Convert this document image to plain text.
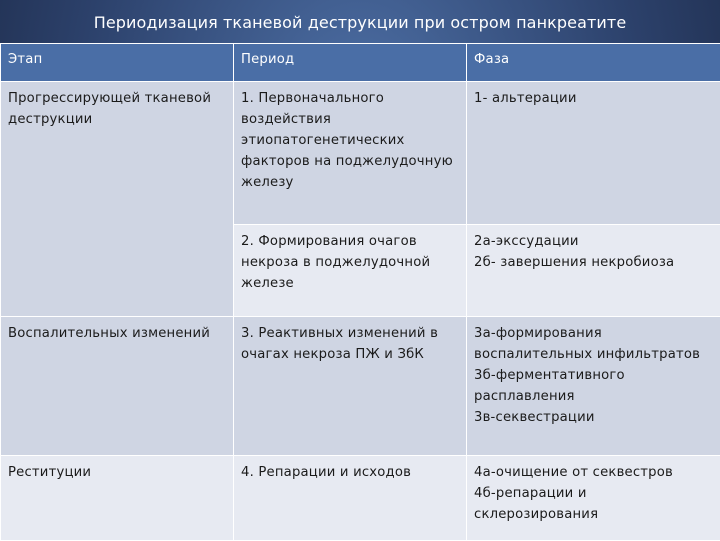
Периодизация тканевой деструкции при остром панкреатите
Этап	Период	Фаза
Прогрессирующей тканевой деструкции	1. Первоначального воздействия этиопатогенетических факторов на поджелудочную железу	1- альтерации

	2. Формирования очагов некроза в поджелудочной железе	2а-экссудации
2б- завершения некробиоза

Воспалительных изменений	3. Реактивных изменений в очагах некроза ПЖ и ЗбК	3а-формирования воспалительных инфильтратов
3б-ферментативного расплавления
3в-секвестрации

Реституции	4. Репарации и исходов	4а-очищение от секвестров
4б-репарации и склерозирования
